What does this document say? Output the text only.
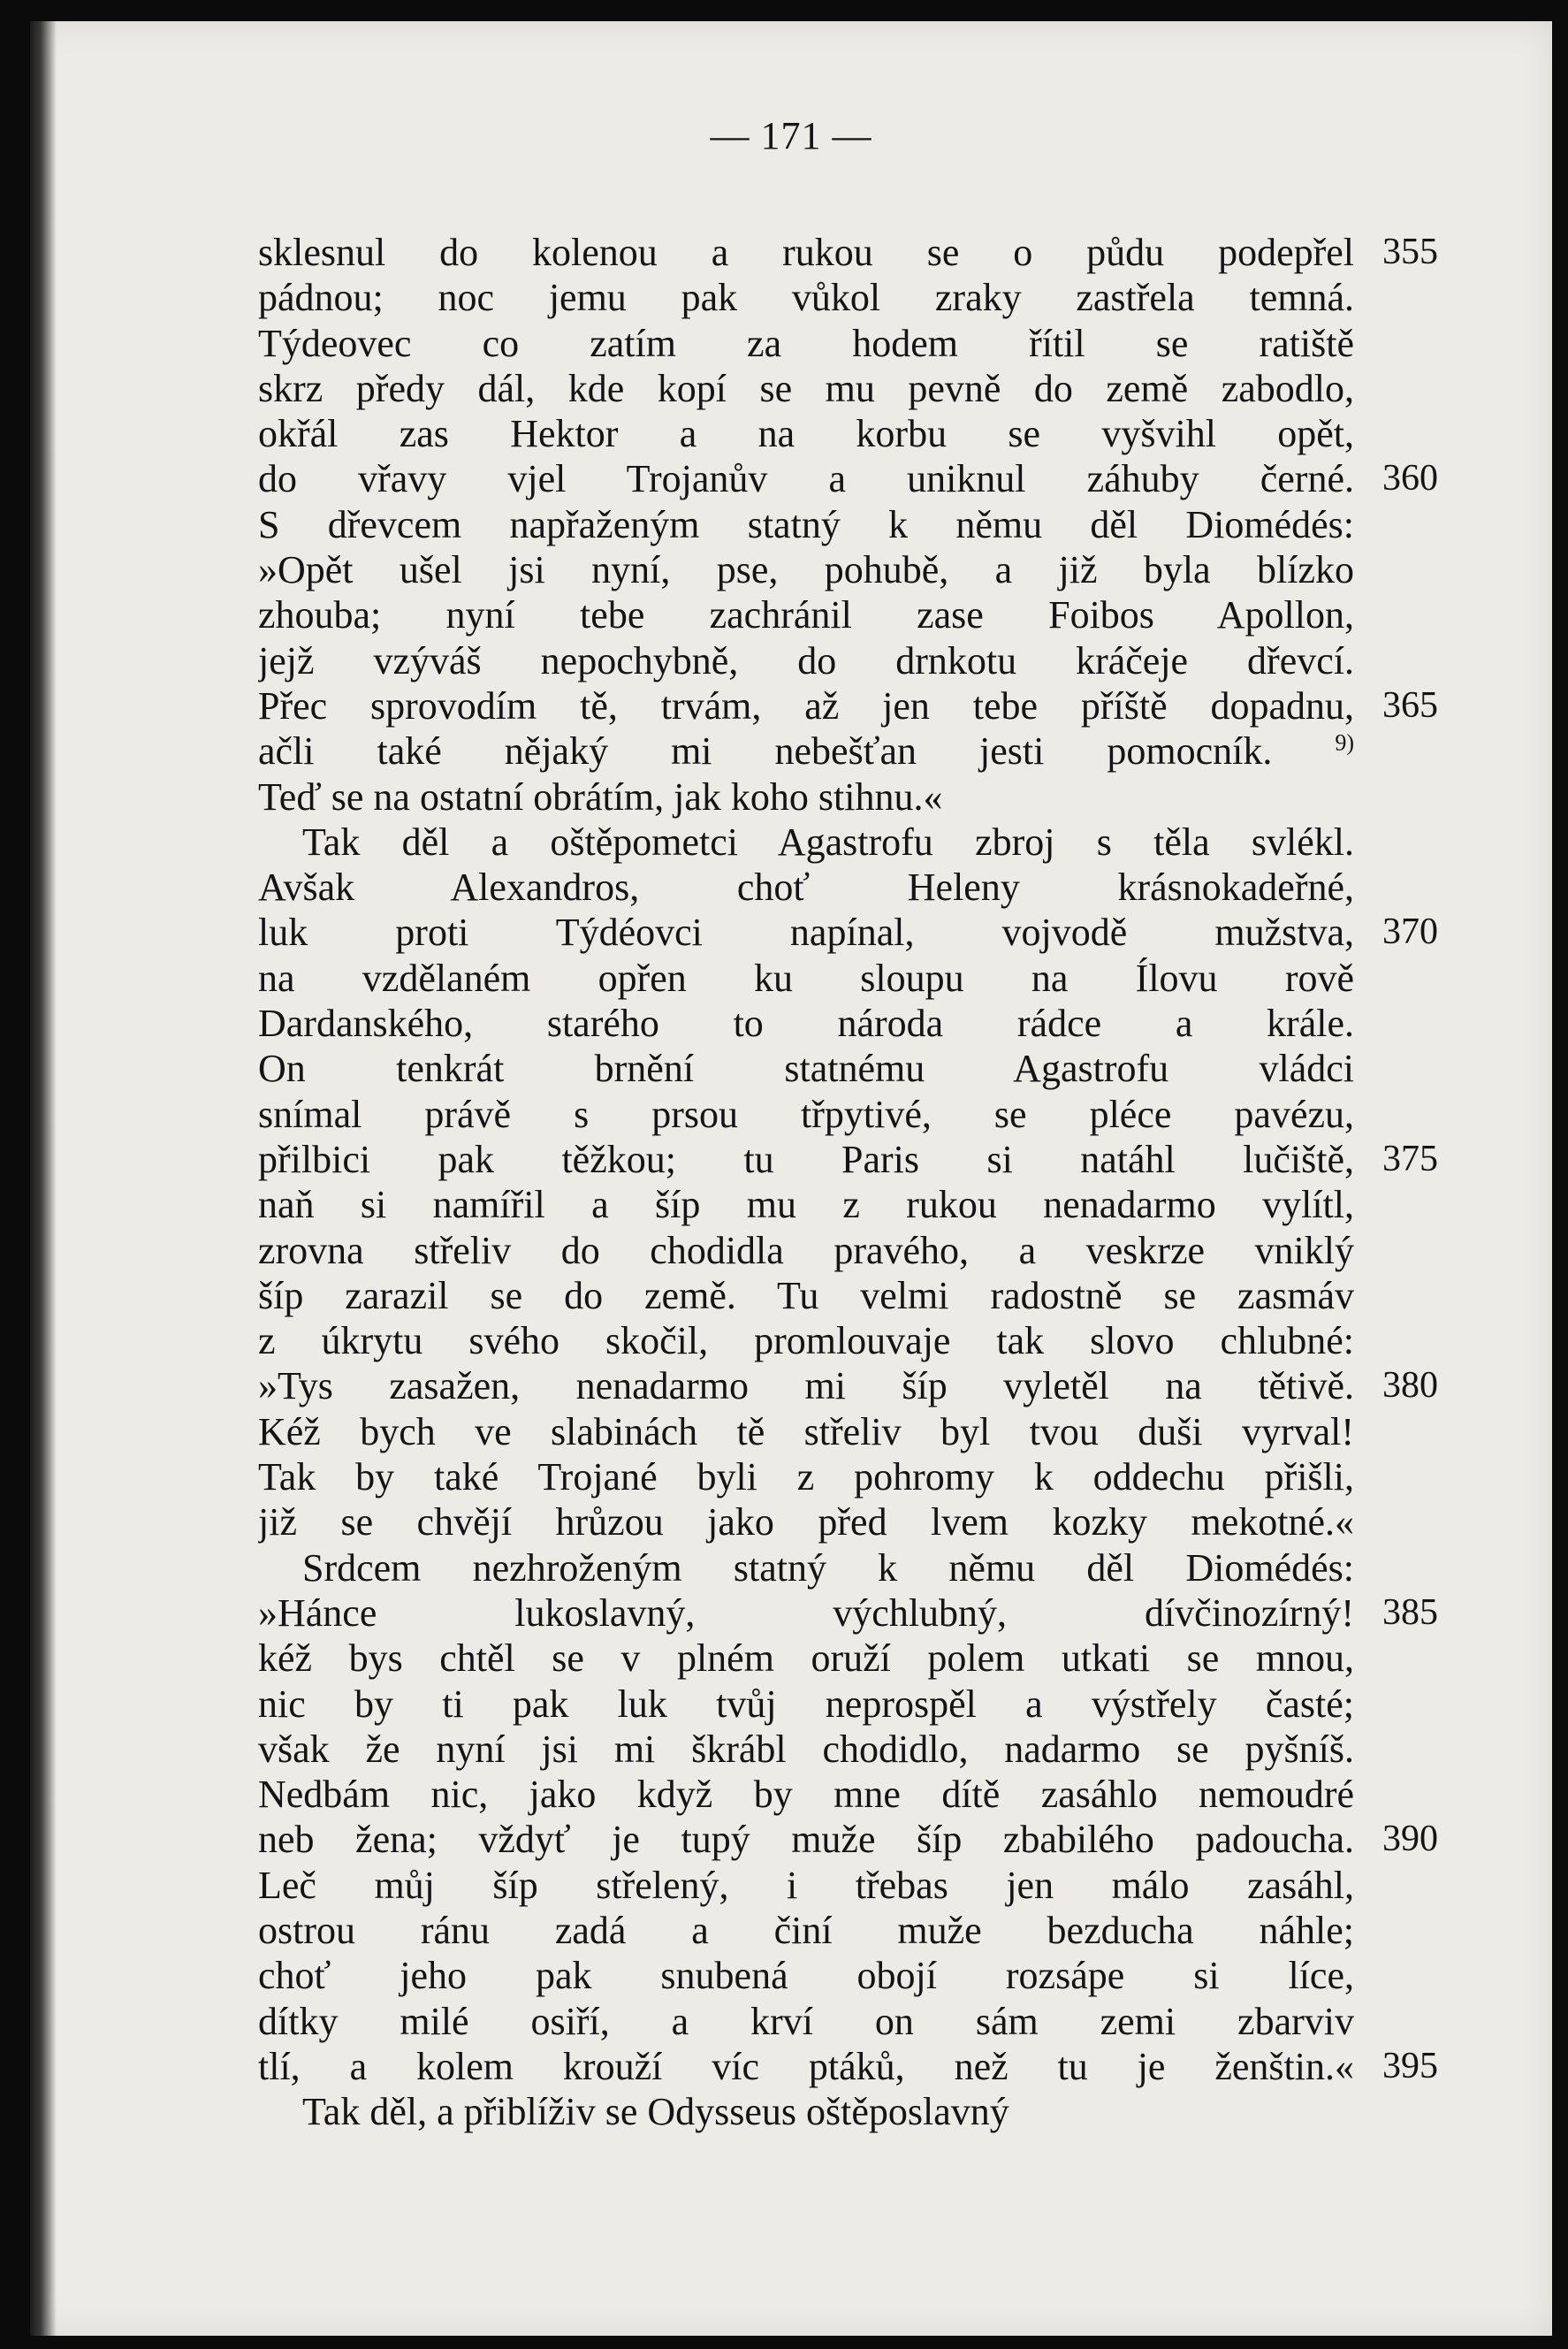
— 171 —
sklesnul do kolenou a rukou se o půdu podepřel 355
pádnou; noc jemu pak vůkol zraky zastřela temná.
Týdeovec co zatím za hodem řítil se ratiště
skrz předy dál, kde kopí se mu pevně do země zabodlo,
okřál zas Hektor a na korbu se vyšvihl opět,
do vřavy vjel Trojanův a uniknul záhuby černé. 360
S dřevcem napřaženým statný k němu děl Diomédés:
»Opět ušel jsi nyní, pse, pohubě, a již byla blízko
zhouba; nyní tebe zachránil zase Foibos Apollon,
jejž vzýváš nepochybně, do drnkotu kráčeje dřevcí.
Přec sprovodím tě, trvám, až jen tebe příště dopadnu, 365
ačli také nějaký mi nebešťan jesti pomocník.	$^{9)}$
Teď se na ostatní obrátím, jak koho stihnu.«
Tak děl a oštěpometci Agastrofu zbroj s těla svlékl.
Avšak Alexandros, choť Heleny krásnokadeřné,
luk proti Týdéovci napínal, vojvodě mužstva, 370
na vzdělaném opřen ku sloupu na Ílovu rově
Dardanského, starého to národa rádce a krále.
On tenkrát brnění statnému Agastrofu vládci
snímal právě s prsou třpytivé, se pléce pavézu,
přilbici pak těžkou; tu Paris si natáhl lučiště, 375
naň si namířil a šíp mu z rukou nenadarmo vylítl,
zrovna střeliv do chodidla pravého, a veskrze vniklý
šíp zarazil se do země. Tu velmi radostně se zasmáv
z úkrytu svého skočil, promlouvaje tak slovo chlubné:
»Tys zasažen, nenadarmo mi šíp vyletěl na tětivě. 380
Kéž bych ve slabinách tě střeliv byl tvou duši vyrval!
Tak by také Trojané byli z pohromy k oddechu přišli,
již se chvějí hrůzou jako před lvem kozky mekotné.«
Srdcem nezhroženým statný k němu děl Diomédés:
»Hánce lukoslavný, výchlubný, dívčinozírný! 385
kéž bys chtěl se v plném oruží polem utkati se mnou,
nic by ti pak luk tvůj neprospěl a výstřely časté;
však že nyní jsi mi škrábl chodidlo, nadarmo se pyšníš.
Nedbám nic, jako když by mne dítě zasáhlo nemoudré
neb žena; vždyť je tupý muže šíp zbabilého padoucha. 390
Leč můj šíp střelený, i třebas jen málo zasáhl,
ostrou ránu zadá a činí muže bezducha náhle;
choť jeho pak snubená obojí rozsápe si líce,
dítky milé osiří, a krví on sám zemi zbarviv
tlí, a kolem krouží víc ptáků, než tu je ženštin.« 395
Tak děl, a přiblíživ se Odysseus oštěposlavný
